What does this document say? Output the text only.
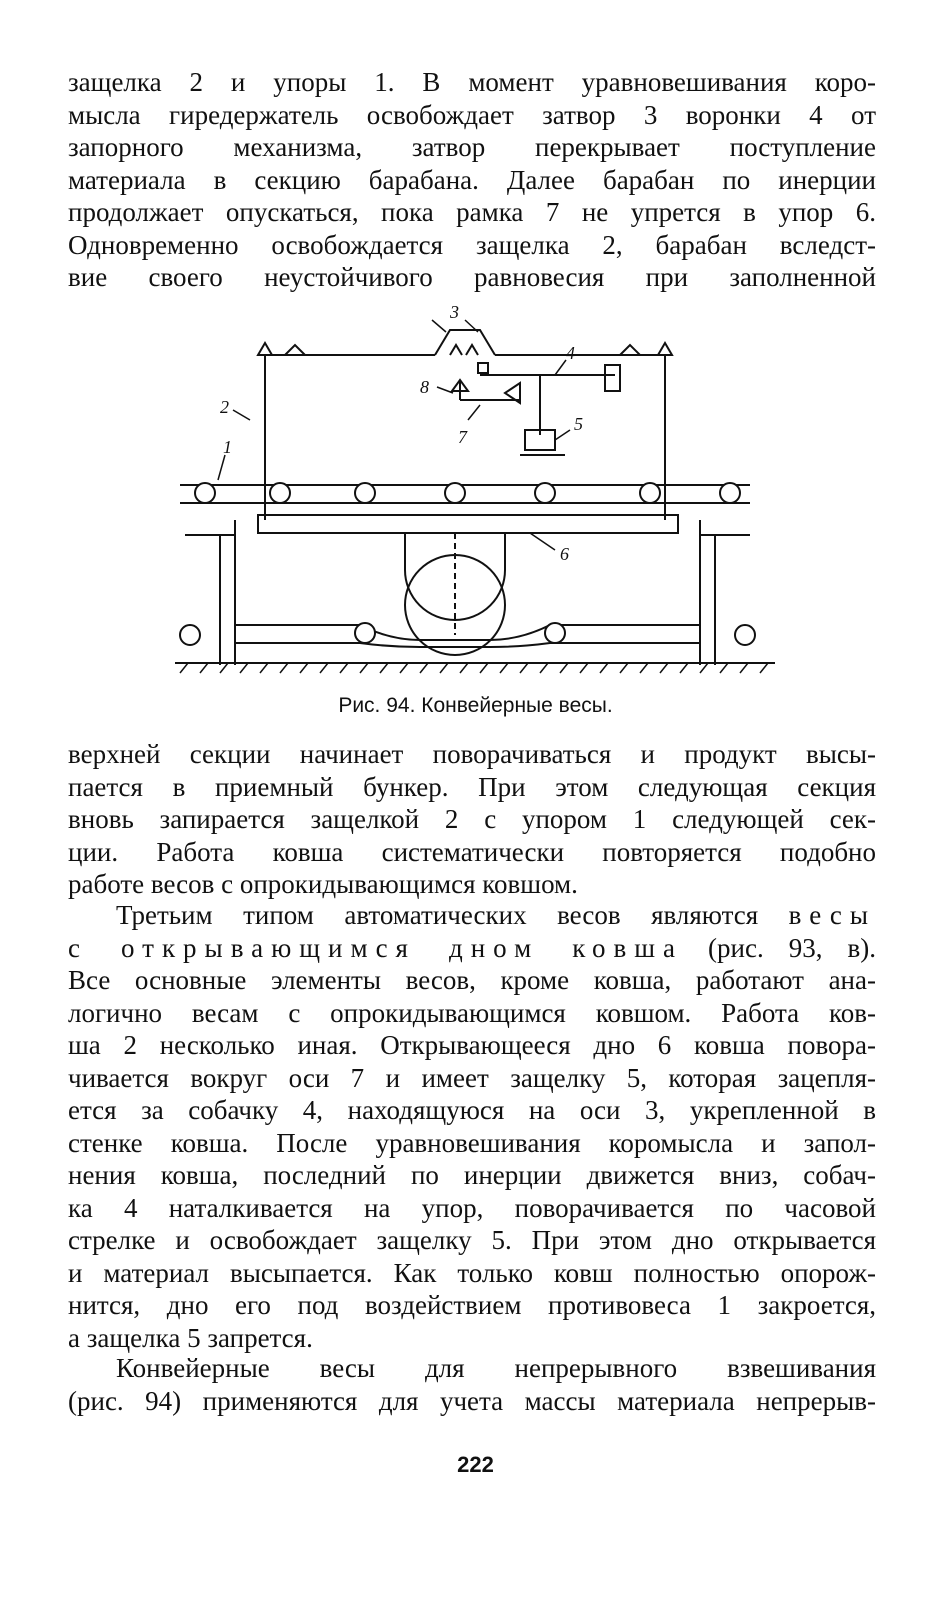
защелка 2 и упоры 1. В момент уравновешивания коро-

мысла гиредержатель освобождает затвор 3 воронки 4 от

запорного механизма, затвор перекрывает поступление

материала в секцию барабана. Далее барабан по инерции

продолжает опускаться, пока рамка 7 не упрется в упор 6.

Одновременно освобождается защелка 2, барабан вследст-

вие своего неустойчивого равновесия при заполненной

3
4
8
2
1
5
7
6
Рис. 94. Конвейерные весы.

верхней секции начинает поворачиваться и продукт высы-

пается в приемный бункер. При этом следующая секция

вновь запирается защелкой 2 с упором 1 следующей сек-

ции. Работа ковша систематически повторяется подобно

работе весов с опрокидывающимся ковшом.

Третьим типом автоматических весов являются весы

с открывающимся дном ковша (рис. 93, в).

Все основные элементы весов, кроме ковша, работают ана-

логично весам с опрокидывающимся ковшом. Работа ков-

ша 2 несколько иная. Открывающееся дно 6 ковша повора-

чивается вокруг оси 7 и имеет защелку 5, которая зацепля-

ется за собачку 4, находящуюся на оси 3, укрепленной в

стенке ковша. После уравновешивания коромысла и запол-

нения ковша, последний по инерции движется вниз, собач-

ка 4 наталкивается на упор, поворачивается по часовой

стрелке и освобождает защелку 5. При этом дно открывается

и материал высыпается. Как только ковш полностью опорож-

нится, дно его под воздействием противовеса 1 закроется,

а защелка 5 запрется.

Конвейерные весы для непрерывного взвешивания

(рис. 94) применяются для учета массы материала непрерыв-

222
